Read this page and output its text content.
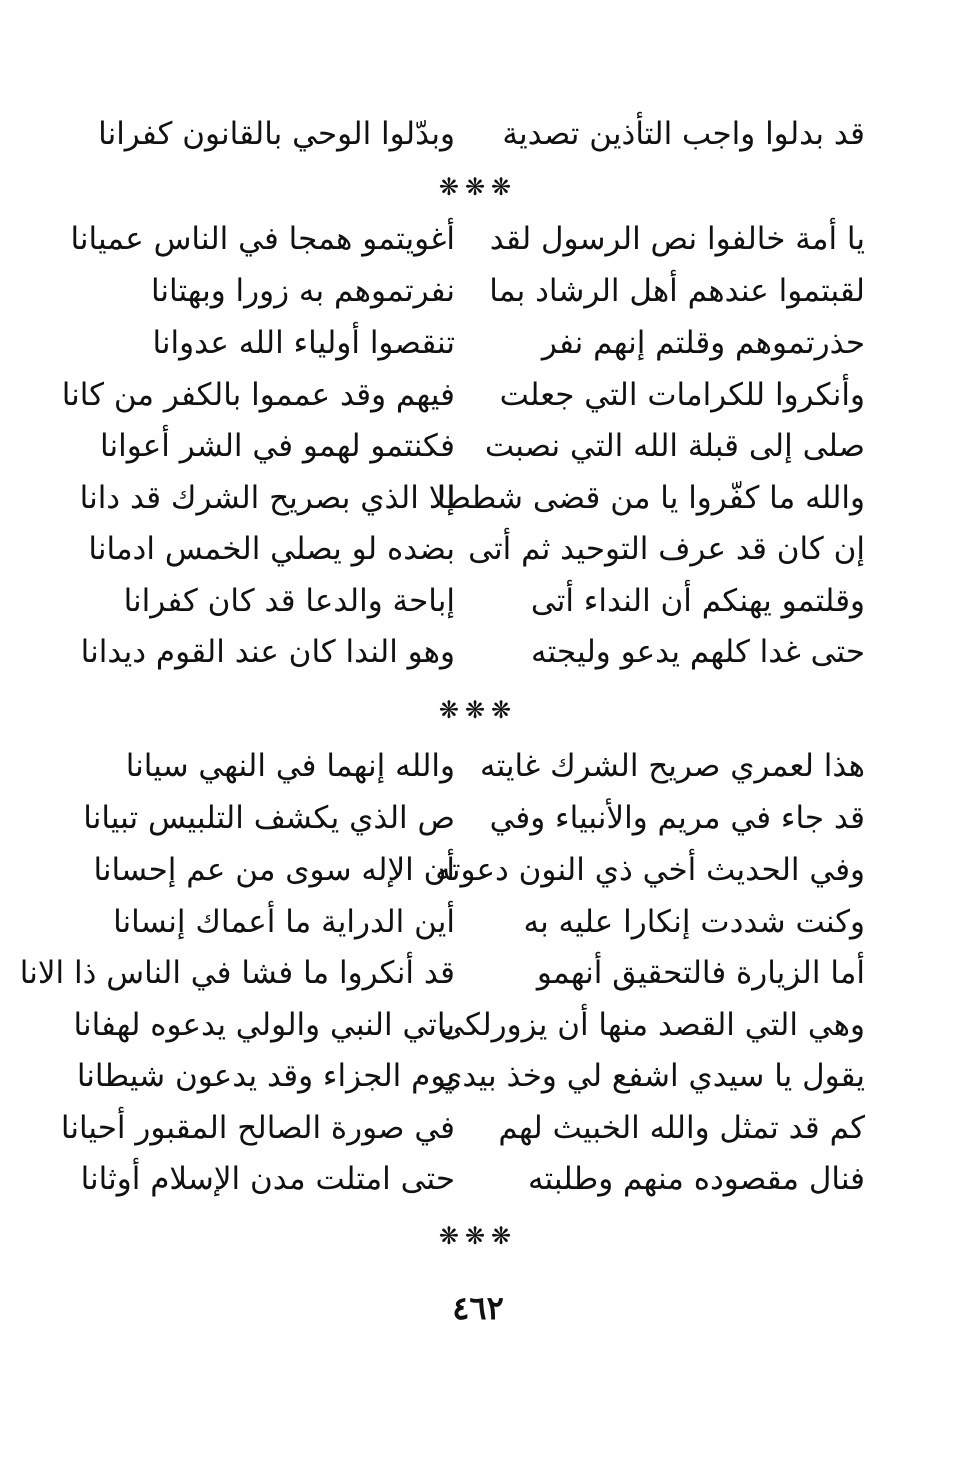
قد بدلوا واجب التأذين تصدية
وبدّلوا الوحي بالقانون كفرانا
❋❋❋
يا أمة خالفوا نص الرسول لقد
أغويتمو همجا في الناس عميانا
لقبتموا عندهم أهل الرشاد بما
نفرتموهم به زورا وبهتانا
حذرتموهم وقلتم إنهم نفر
تنقصوا أولياء الله عدوانا
وأنكروا للكرامات التي جعلت
فيهم وقد عمموا بالكفر من كانا
صلى إلى قبلة الله التي نصبت
فكنتمو لهمو في الشر أعوانا
والله ما كفّروا يا من قضى شططا
إلا الذي بصريح الشرك قد دانا
إن كان قد عرف التوحيد ثم أتى
بضده لو يصلي الخمس ادمانا
وقلتمو يهنكم أن النداء أتى
إباحة والدعا قد كان كفرانا
حتى غدا كلهم يدعو وليجته
وهو الندا كان عند القوم ديدانا
❋❋❋
هذا لعمري صريح الشرك غايته
والله إنهما في النهي سيانا
قد جاء في مريم والأنبياء وفي
ص الذي يكشف التلبيس تبيانا
وفي الحديث أخي ذي النون دعوته
أن الإله سوى من عم إحسانا
وكنت شددت إنكارا عليه به
أين الدراية ما أعماك إنسانا
أما الزيارة فالتحقيق أنهمو
قد أنكروا ما فشا في الناس ذا الانا
وهي التي القصد منها أن يزورلكى
ياتي النبي والولي يدعوه لهفانا
يقول يا سيدي اشفع لي وخذ بيدي
يوم الجزاء وقد يدعون شيطانا
كم قد تمثل والله الخبيث لهم
في صورة الصالح المقبور أحيانا
فنال مقصوده منهم وطلبته
حتى امتلت مدن الإسلام أوثانا
❋❋❋
٤٦٢
